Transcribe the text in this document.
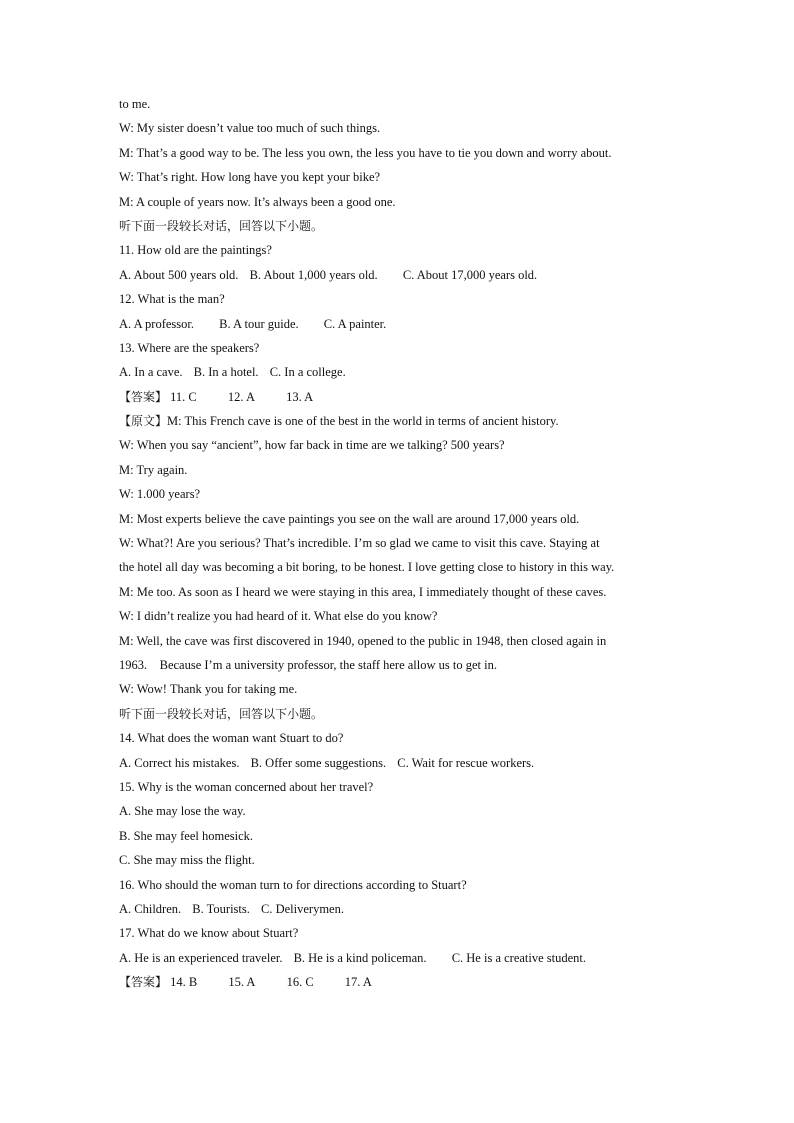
to me.
W: My sister doesn’t value too much of such things.
M: That’s a good way to be. The less you own, the less you have to tie you down and worry about.
W: That’s right. How long have you kept your bike?
M: A couple of years now. It’s always been a good one.
听下面一段较长对话，回答以下小题。
11. How old are the paintings?
A. About 500 years old. B. About 1,000 years old. C. About 17,000 years old.
12. What is the man?
A. A professor. B. A tour guide. C. A painter.
13. Where are the speakers?
A. In a cave. B. In a hotel. C. In a college.
【答案】 11. C 12. A 13. A
【原文】M: This French cave is one of the best in the world in terms of ancient history.
W: When you say “ancient”, how far back in time are we talking? 500 years?
M: Try again.
W: 1.000 years?
M: Most experts believe the cave paintings you see on the wall are around 17,000 years old.
W: What?! Are you serious? That’s incredible. I’m so glad we came to visit this cave. Staying at
the hotel all day was becoming a bit boring, to be honest. I love getting close to history in this way.
M: Me too. As soon as I heard we were staying in this area, I immediately thought of these caves.
W: I didn’t realize you had heard of it. What else do you know?
M: Well, the cave was first discovered in 1940, opened to the public in 1948, then closed again in
1963.    Because I’m a university professor, the staff here allow us to get in.
W: Wow! Thank you for taking me.
听下面一段较长对话，回答以下小题。
14. What does the woman want Stuart to do?
A. Correct his mistakes. B. Offer some suggestions. C. Wait for rescue workers.
15. Why is the woman concerned about her travel?
A. She may lose the way.
B. She may feel homesick.
C. She may miss the flight.
16. Who should the woman turn to for directions according to Stuart?
A. Children. B. Tourists. C. Deliverymen.
17. What do we know about Stuart?
A. He is an experienced traveler. B. He is a kind policeman. C. He is a creative student.
【答案】 14. B 15. A 16. C 17. A
